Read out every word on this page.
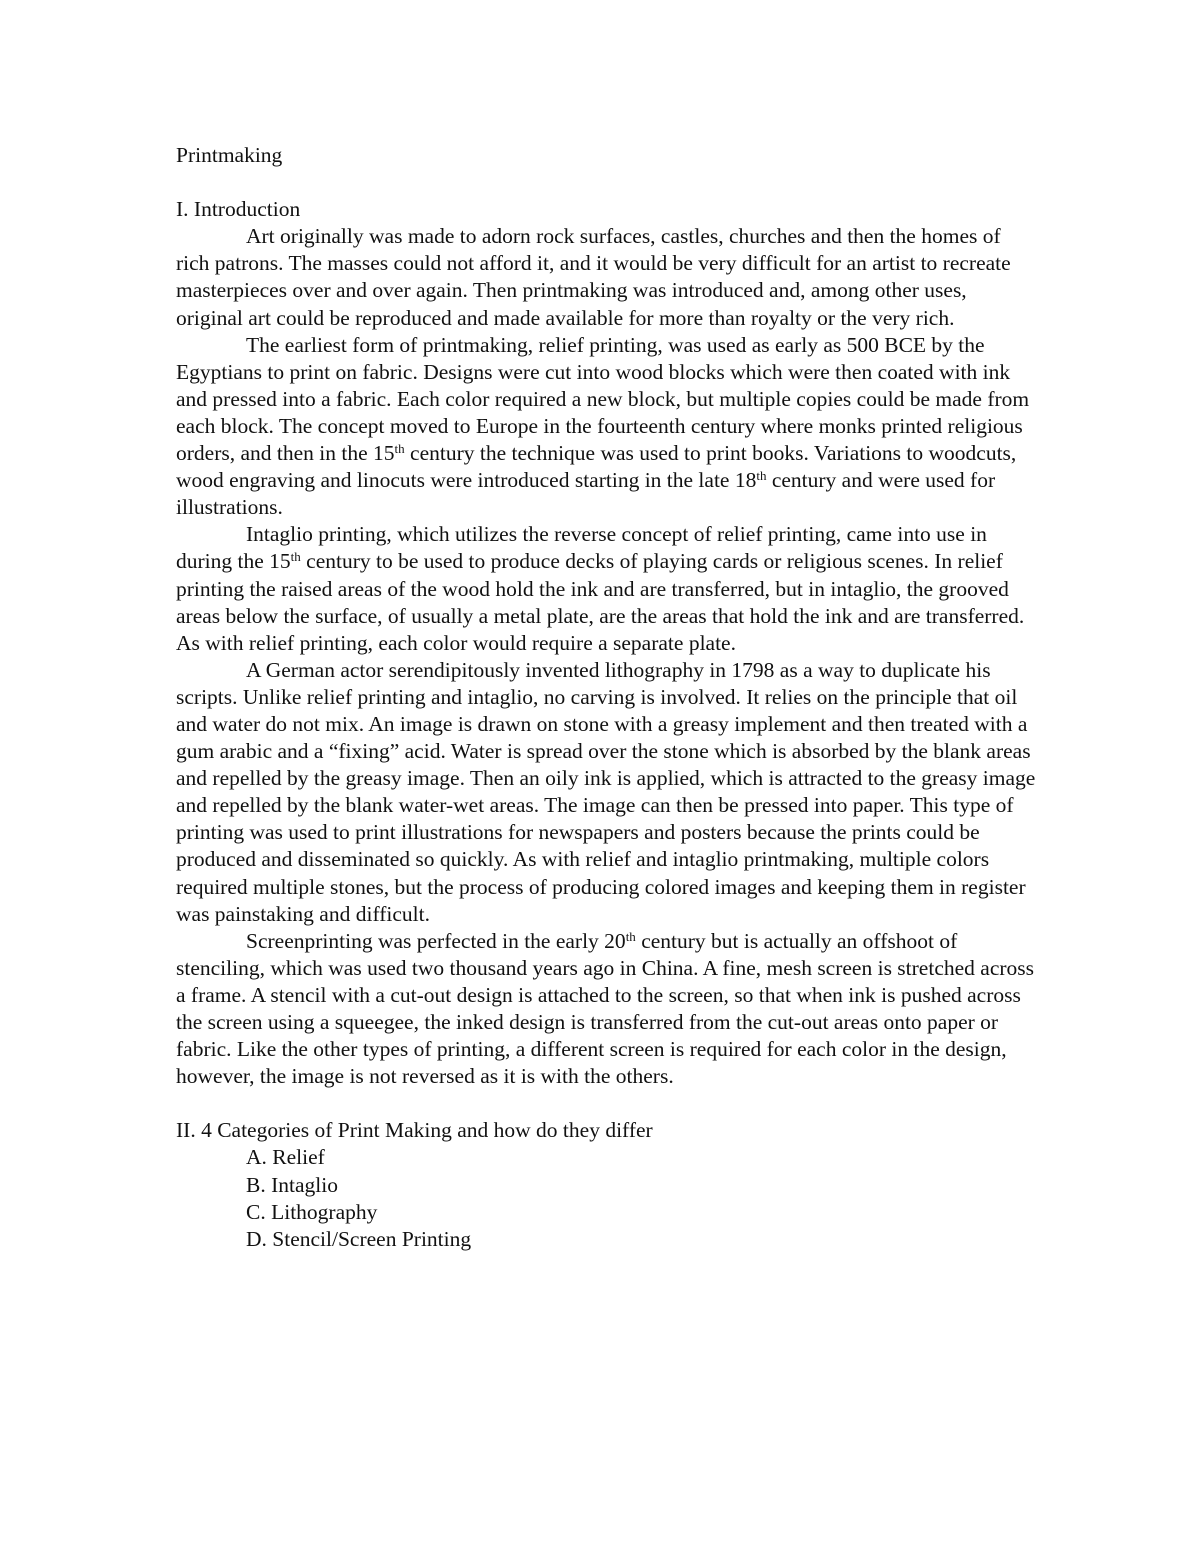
Printmaking

I. Introduction

Art originally was made to adorn rock surfaces, castles, churches and then the homes of rich patrons. The masses could not afford it, and it would be very difficult for an artist to recreate masterpieces over and over again. Then printmaking was introduced and, among other uses, original art could be reproduced and made available for more than royalty or the very rich.

The earliest form of printmaking, relief printing, was used as early as 500 BCE by the Egyptians to print on fabric. Designs were cut into wood blocks which were then coated with ink and pressed into a fabric. Each color required a new block, but multiple copies could be made from each block. The concept moved to Europe in the fourteenth century where monks printed religious orders, and then in the 15th century the technique was used to print books. Variations to woodcuts, wood engraving and linocuts were introduced starting in the late 18th century and were used for illustrations.

Intaglio printing, which utilizes the reverse concept of relief printing, came into use in during the 15th century to be used to produce decks of playing cards or religious scenes. In relief printing the raised areas of the wood hold the ink and are transferred, but in intaglio, the grooved areas below the surface, of usually a metal plate, are the areas that hold the ink and are transferred. As with relief printing, each color would require a separate plate.

A German actor serendipitously invented lithography in 1798 as a way to duplicate his scripts. Unlike relief printing and intaglio, no carving is involved. It relies on the principle that oil and water do not mix. An image is drawn on stone with a greasy implement and then treated with a gum arabic and a “fixing” acid. Water is spread over the stone which is absorbed by the blank areas and repelled by the greasy image. Then an oily ink is applied, which is attracted to the greasy image and repelled by the blank water-wet areas. The image can then be pressed into paper. This type of printing was used to print illustrations for newspapers and posters because the prints could be produced and disseminated so quickly. As with relief and intaglio printmaking, multiple colors required multiple stones, but the process of producing colored images and keeping them in register was painstaking and difficult.

Screenprinting was perfected in the early 20th century but is actually an offshoot of stenciling, which was used two thousand years ago in China. A fine, mesh screen is stretched across a frame. A stencil with a cut-out design is attached to the screen, so that when ink is pushed across the screen using a squeegee, the inked design is transferred from the cut-out areas onto paper or fabric. Like the other types of printing, a different screen is required for each color in the design, however, the image is not reversed as it is with the others.

II. 4 Categories of Print Making and how do they differ

A. Relief
B. Intaglio
C. Lithography
D. Stencil/Screen Printing
